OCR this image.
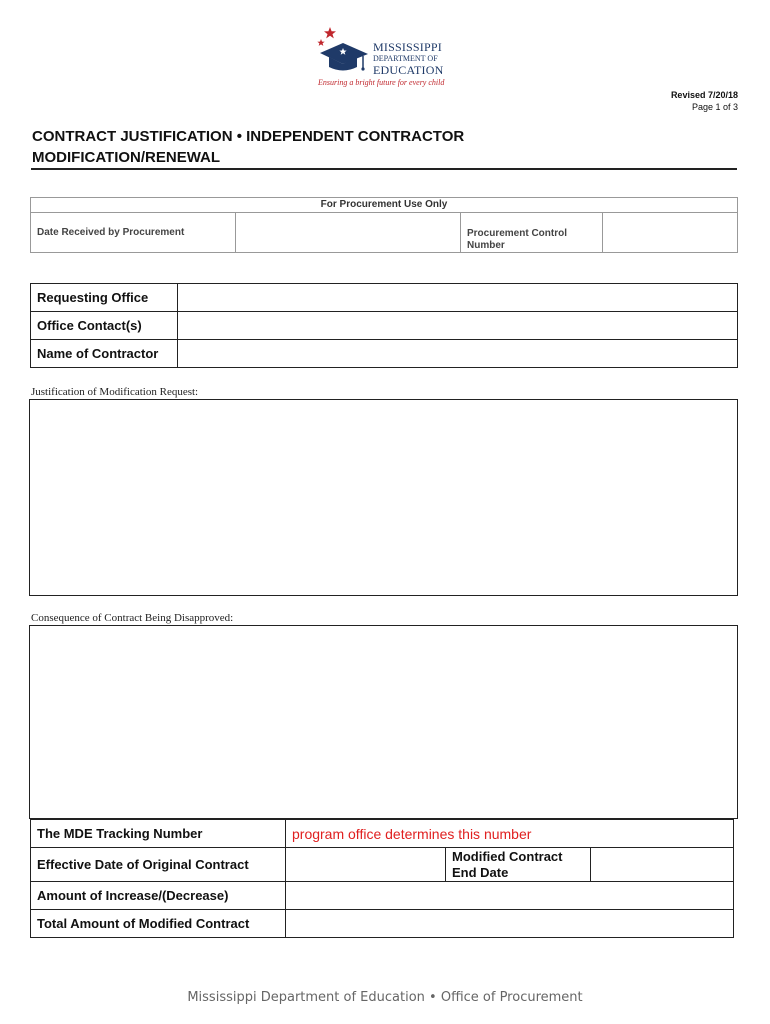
MISSISSIPPI
DEPARTMENT OF
EDUCATION
Ensuring a bright future for every child
Revised 7/20/18
Page 1 of 3
CONTRACT JUSTIFICATION • INDEPENDENT CONTRACTOR
MODIFICATION/RENEWAL
For Procurement Use Only
Date Received by Procurement	Procurement Control Number
Requesting Office	
Office Contact(s)	
Name of Contractor	
Justification of Modification Request:
Consequence of Contract Being Disapproved:
The MDE Tracking Number	program office determines this number		
Effective Date of Original Contract		Modified Contract End Date	
Amount of Increase/(Decrease)			
Total Amount of Modified Contract			
Mississippi Department of Education • Office of Procurement
